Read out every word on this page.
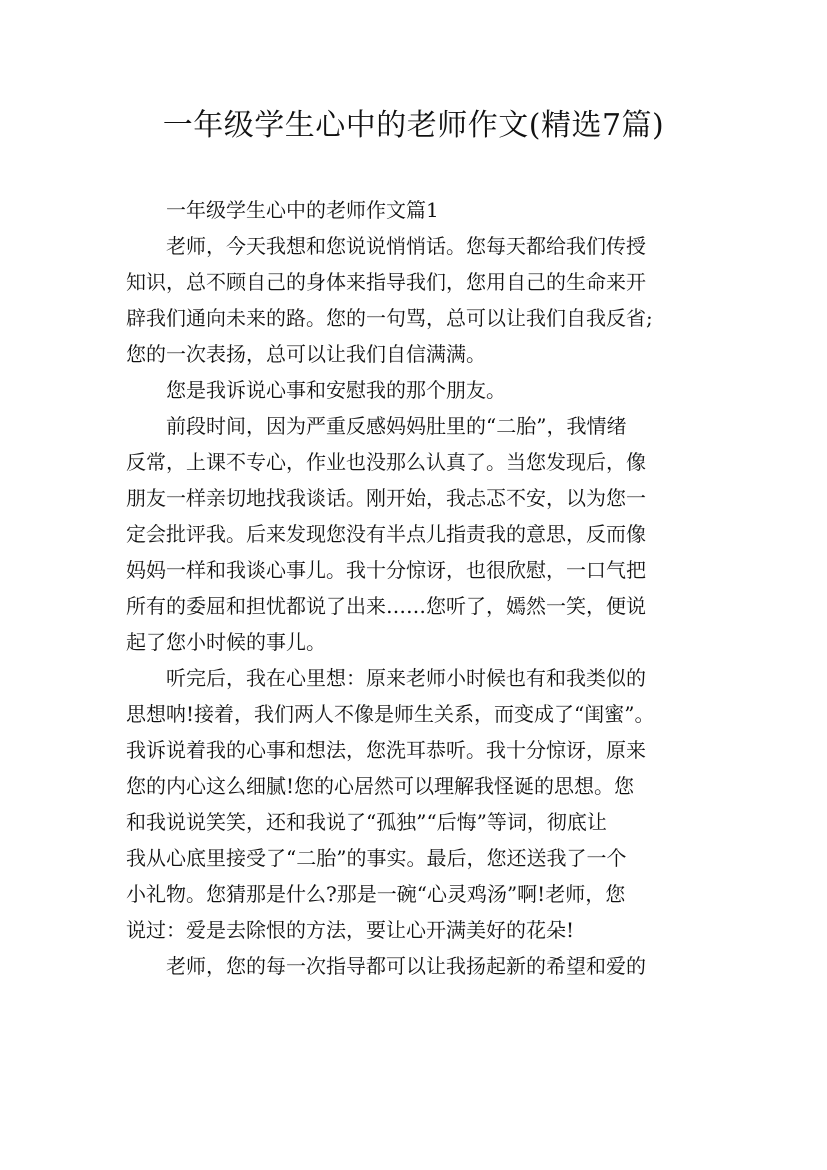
一年级学生心中的老师作文(精选7篇)
一年级学生心中的老师作文篇1
老师，今天我想和您说说悄悄话。您每天都给我们传授
知识，总不顾自己的身体来指导我们，您用自己的生命来开
辟我们通向未来的路。您的一句骂，总可以让我们自我反省;
您的一次表扬，总可以让我们自信满满。
您是我诉说心事和安慰我的那个朋友。
前段时间，因为严重反感妈妈肚里的“二胎”，我情绪
反常，上课不专心，作业也没那么认真了。当您发现后，像
朋友一样亲切地找我谈话。刚开始，我忐忑不安，以为您一
定会批评我。后来发现您没有半点儿指责我的意思，反而像
妈妈一样和我谈心事儿。我十分惊讶，也很欣慰，一口气把
所有的委屈和担忧都说了出来……您听了，嫣然一笑，便说
起了您小时候的事儿。
听完后，我在心里想：原来老师小时候也有和我类似的
思想呐!接着，我们两人不像是师生关系，而变成了“闺蜜”。
我诉说着我的心事和想法，您洗耳恭听。我十分惊讶，原来
您的内心这么细腻!您的心居然可以理解我怪诞的思想。您
和我说说笑笑，还和我说了“孤独”“后悔”等词，彻底让
我从心底里接受了“二胎”的事实。最后，您还送我了一个
小礼物。您猜那是什么?那是一碗“心灵鸡汤”啊!老师，您
说过：爱是去除恨的方法，要让心开满美好的花朵!
老师，您的每一次指导都可以让我扬起新的希望和爱的
